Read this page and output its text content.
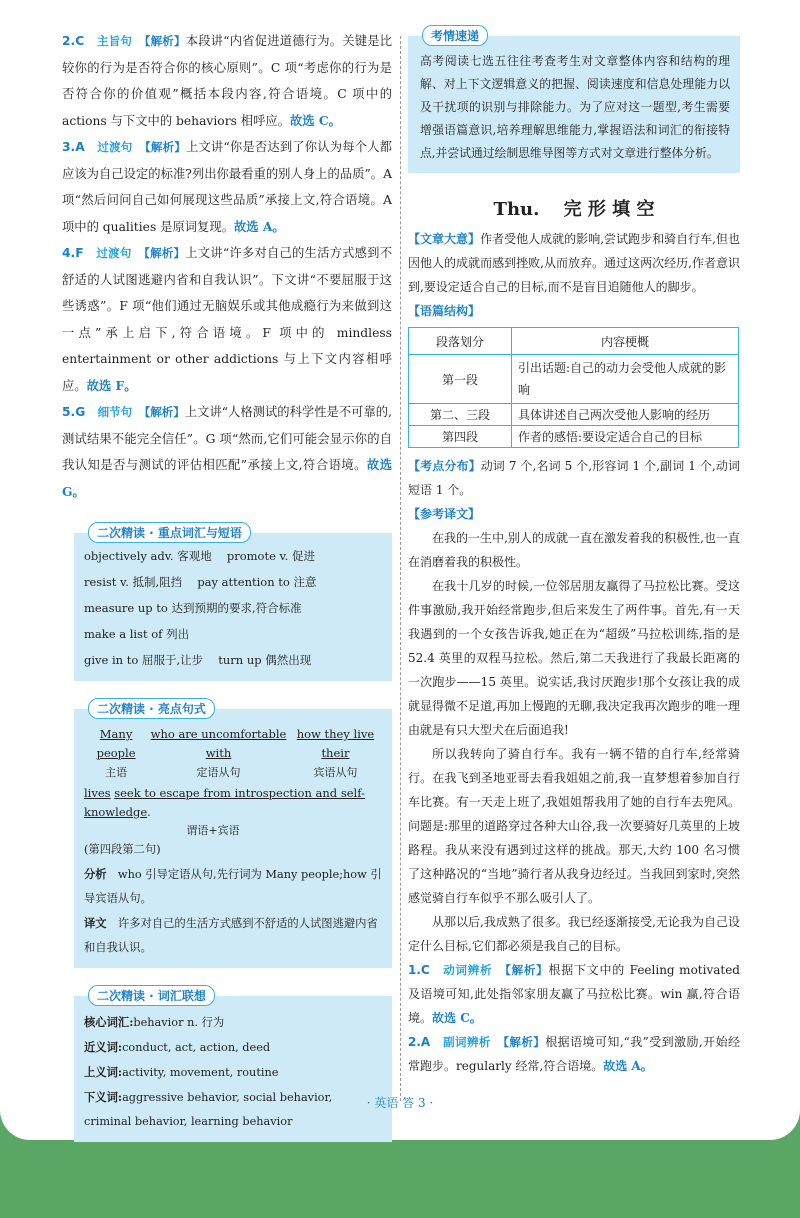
2.C　 主旨句　 【解析】本段讲“内省促进道德行为。关键是比较你的行为是否符合你的核心原则”。C 项“考虑你的行为是否符合你的价值观”概括本段内容,符合语境。C 项中的 actions 与下文中的 behaviors 相呼应。故选 C。

3.A　 过渡句　 【解析】上文讲“你是否达到了你认为每个人都应该为自己设定的标准?列出你最看重的别人身上的品质”。A 项“然后问问自己如何展现这些品质”承接上文,符合语境。A 项中的 qualities 是原词复现。故选 A。

4.F　 过渡句　 【解析】上文讲“许多对自己的生活方式感到不舒适的人试图逃避内省和自我认识”。下文讲“不要屈服于这些诱惑”。F 项“他们通过无脑娱乐或其他成瘾行为来做到这一点”承上启下,符合语境。F 项中的 mindless entertainment or other addictions 与上下文内容相呼应。故选 F。

5.G　 细节句　 【解析】上文讲“人格测试的科学性是不可靠的,测试结果不能完全信任”。G 项“然而,它们可能会显示你的自我认知是否与测试的评估相匹配”承接上文,符合语境。故选 G。

二次精读 · 重点词汇与短语
objectively adv. 客观地　 promote v. 促进
resist v. 抵制,阻挡　 pay attention to 注意
measure up to 达到预期的要求,符合标准
make a list of 列出
give in to 屈服于,让步　 turn up 偶然出现
二次精读 · 亮点句式
Many people
主语
who are uncomfortable with
定语从句
how they live their
宾语从句
lives seek to escape from introspection and self-knowledge.
谓语+宾语
(第四段第二句)
分析　 who 引导定语从句,先行词为 Many people;how 引导宾语从句。
译文　 许多对自己的生活方式感到不舒适的人试图逃避内省和自我认识。
二次精读 · 词汇联想
核心词汇:behavior n. 行为
近义词:conduct, act, action, deed
上义词:activity, movement, routine
下义词:aggressive behavior, social behavior, criminal behavior, learning behavior
考情速递
高考阅读七选五往往考查考生对文章整体内容和结构的理解、对上下文逻辑意义的把握、阅读速度和信息处理能力以及干扰项的识别与排除能力。为了应对这一题型,考生需要增强语篇意识,培养理解思维能力,掌握语法和词汇的衔接特点,并尝试通过绘制思维导图等方式对文章进行整体分析。
Thu.　 完 形 填 空

【文章大意】作者受他人成就的影响,尝试跑步和骑自行车,但也因他人的成就而感到挫败,从而放弃。通过这两次经历,作者意识到,要设定适合自己的目标,而不是盲目追随他人的脚步。

【语篇结构】

段落划分	内容梗概
第一段	引出话题:自己的动力会受他人成就的影响
第二、三段	具体讲述自己两次受他人影响的经历
第四段	作者的感悟:要设定适合自己的目标

【考点分布】动词 7 个,名词 5 个,形容词 1 个,副词 1 个,动词短语 1 个。

【参考译文】

在我的一生中,别人的成就一直在激发着我的积极性,也一直在消磨着我的积极性。

在我十几岁的时候,一位邻居朋友赢得了马拉松比赛。受这件事激励,我开始经常跑步,但后来发生了两件事。首先,有一天我遇到的一个女孩告诉我,她正在为“超级”马拉松训练,指的是 52.4 英里的双程马拉松。然后,第二天我进行了我最长距离的一次跑步——15 英里。说实话,我讨厌跑步!那个女孩让我的成就显得微不足道,再加上慢跑的无聊,我决定我再次跑步的唯一理由就是有只大型犬在后面追我!

所以我转向了骑自行车。我有一辆不错的自行车,经常骑行。在我飞到圣地亚哥去看我姐姐之前,我一直梦想着参加自行车比赛。有一天走上班了,我姐姐帮我用了她的自行车去兜风。问题是:那里的道路穿过各种大山谷,我一次要骑好几英里的上坡路程。我从来没有遇到过这样的挑战。那天,大约 100 名习惯了这种路况的“当地”骑行者从我身边经过。当我回到家时,突然感觉骑自行车似乎不那么吸引人了。

从那以后,我成熟了很多。我已经逐渐接受,无论我为自己设定什么目标,它们都必须是我自己的目标。

1.C　 动词辨析　 【解析】根据下文中的 Feeling motivated 及语境可知,此处指邻家朋友赢了马拉松比赛。win 赢,符合语境。故选 C。

2.A　 副词辨析　 【解析】根据语境可知,“我”受到激励,开始经常跑步。regularly 经常,符合语境。故选 A。

· 英语 答 3 ·
